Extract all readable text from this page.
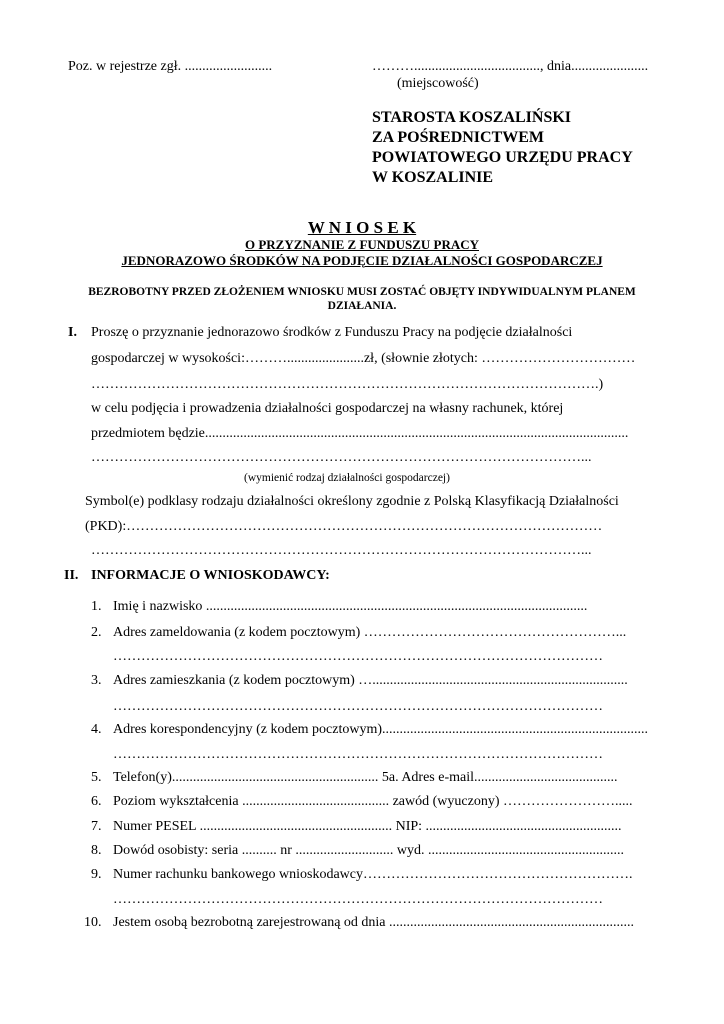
Poz. w rejestrze zgł. .........................	………...................................., dnia......................
(miejscowość)
STAROSTA KOSZALIŃSKI
ZA POŚREDNICTWEM
POWIATOWEGO URZĘDU PRACY
W KOSZALINIE
W N I O S E K
O PRZYZNANIE Z FUNDUSZU PRACY
JEDNORAZOWO ŚRODKÓW NA PODJĘCIE DZIAŁALNOŚCI GOSPODARCZEJ
BEZROBOTNY PRZED ZŁOŻENIEM WNIOSKU MUSI ZOSTAĆ OBJĘTY INDYWIDUALNYM PLANEM
DZIAŁANIA.
I. Proszę o przyznanie jednorazowo środków z Funduszu Pracy na podjęcie działalności
gospodarczej w wysokości:………......................zł, (słownie złotych: ……………………………
……………………………………………………………………………………………….)
w celu podjęcia i prowadzenia działalności gospodarczej na własny rachunek, której
przedmiotem będzie.........................................................................................................................
……………………………………………………………………………………………...
(wymienić rodzaj działalności gospodarczej)
Symbol(e) podklasy rodzaju działalności określony zgodnie z Polską Klasyfikacją Działalności
(PKD):…………………………………………………………………………………………
……………………………………………………………………………………………...
II. INFORMACJE O WNIOSKODAWCY:
1. Imię i nazwisko .............................................................................................................
2. Adres zameldowania (z kodem pocztowym) ………………………………………………...
……………………………………………………………………………………………
3. Adres zamieszkania (z kodem pocztowym) ….........................................................................
……………………………………………………………………………………………
4. Adres korespondencyjny (z kodem pocztowym)............................................................................
……………………………………………………………………………………………
5. Telefon(y)........................................................... 5a. Adres e-mail.........................................
6. Poziom wykształcenia .......................................... zawód (wyuczony) …………………….....
7. Numer PESEL ....................................................... NIP: ........................................................
8. Dowód osobisty: seria .......... nr ............................ wyd. ........................................................
9. Numer rachunku bankowego wnioskodawcy………………………………………………….
……………………………………………………………………………………………
10. Jestem osobą bezrobotną zarejestrowaną od dnia ......................................................................
